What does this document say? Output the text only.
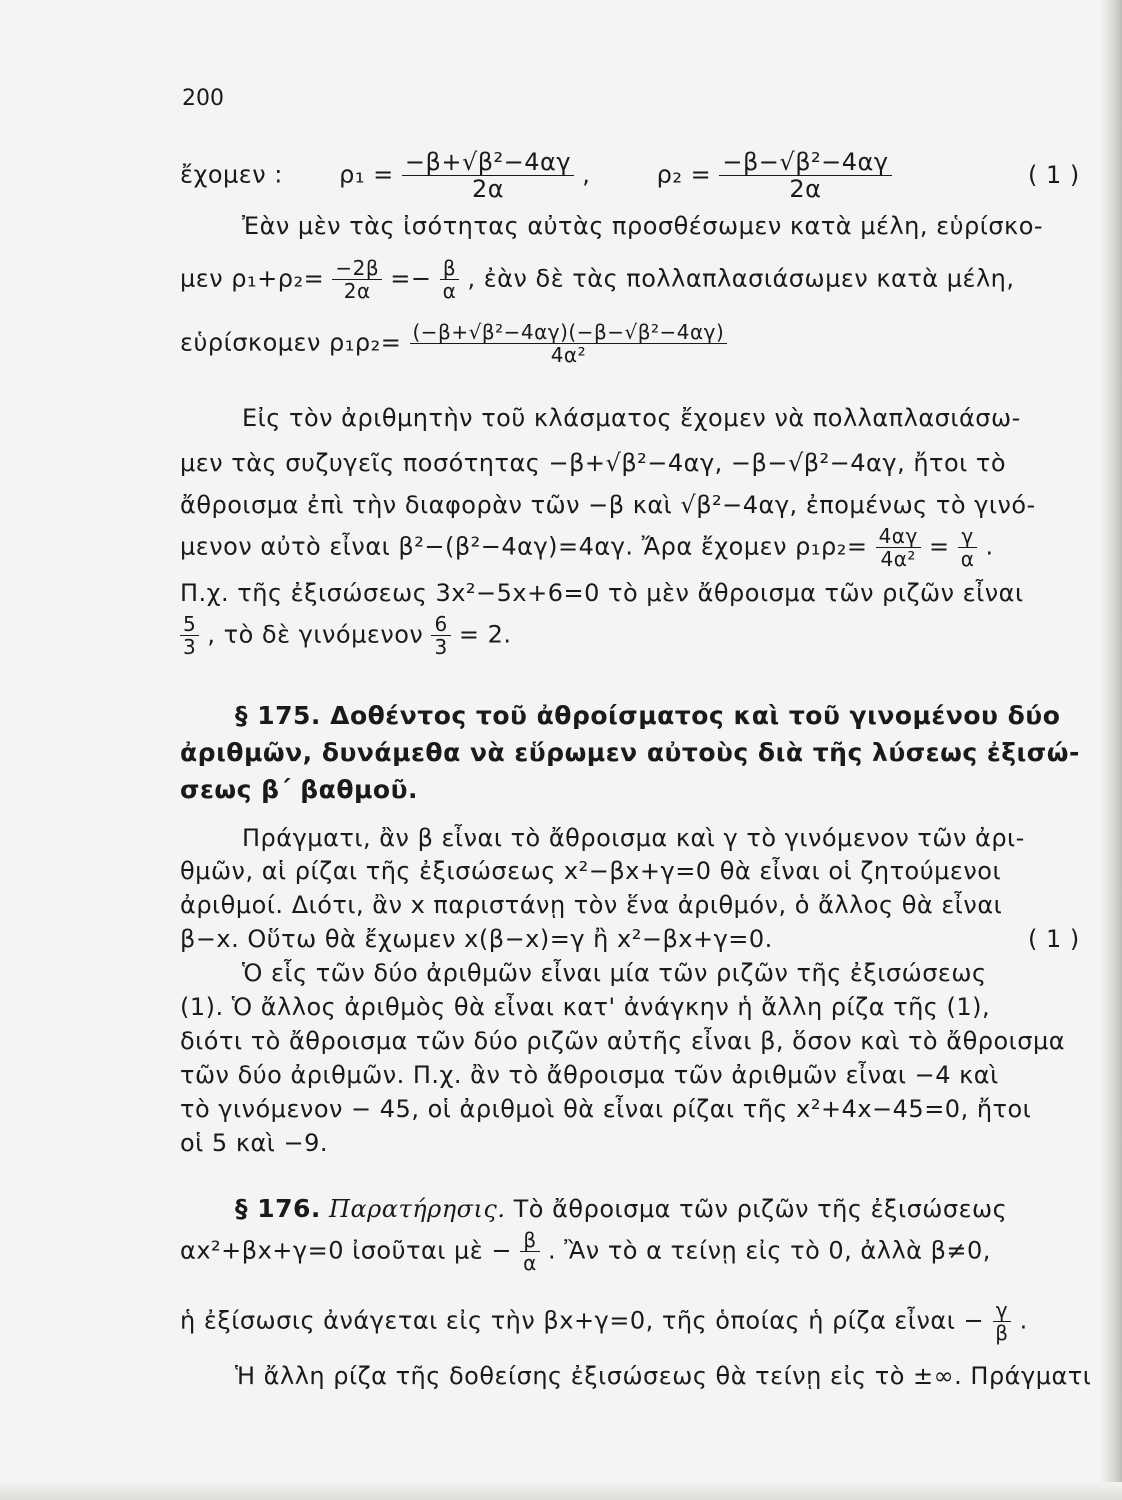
200
ἔχομεν : $\rho_1 = \frac{\text{−β+√β²−4αγ}}{2\alpha}$ ,	$\rho_2 = \frac{\text{−β−√β²−4αγ}}{2\alpha}$	( 1 )
Ἐὰν μὲν τὰς ἰσότητας αὐτὰς προσθέσωμεν κατὰ μέλη, εὑρίσκο-
μεν $\rho_1+\rho_2= \frac{-2\beta}{2\alpha} =- \frac{\beta}{\alpha}$ , ἐὰν δὲ τὰς πολλαπλασιάσωμεν κατὰ μέλη,
εὑρίσκομεν $\rho_1\rho_2= \frac{\text{(−β+√β²−4αγ)(−β−√β²−4αγ)}}{\text{4α²}}$
Εἰς τὸν ἀριθμητὴν τοῦ κλάσματος ἔχομεν νὰ πολλαπλασιάσω-
μεν τὰς συζυγεῖς ποσότητας −β+√β²−4αγ, −β−√β²−4αγ, ἤτοι τὸ
ἄθροισμα ἐπὶ τὴν διαφορὰν τῶν −β καὶ √β²−4αγ, ἐπομένως τὸ γινό-
μενον αὐτὸ εἶναι β²−(β²−4αγ)=4αγ. Ἄρα ἔχομεν $\rho_1\rho_2= \frac{4\alpha\gamma}{\text{4α²}} = \frac{\gamma}{\alpha}$ .
Π.χ. τῆς ἐξισώσεως 3x²−5x+6=0 τὸ μὲν ἄθροισμα τῶν ριζῶν εἶναι
$\frac{5}{3}$ , τὸ δὲ γινόμενον $\frac{6}{3} = 2$.
§ 175. Δοθέντος τοῦ ἀθροίσματος καὶ τοῦ γινομένου δύο
ἀριθμῶν, δυνάμεθα νὰ εὕρωμεν αὐτοὺς διὰ τῆς λύσεως ἐξισώ-
σεως β΄ βαθμοῦ.
Πράγματι, ἂν β εἶναι τὸ ἄθροισμα καὶ γ τὸ γινόμενον τῶν ἀρι-
θμῶν, αἱ ρίζαι τῆς ἐξισώσεως x²−βx+γ=0 θὰ εἶναι οἱ ζητούμενοι
ἀριθμοί. Διότι, ἂν x παριστάνῃ τὸν ἕνα ἀριθμόν, ὁ ἄλλος θὰ εἶναι
β−x. Οὕτω θὰ ἔχωμεν x(β−x)=γ ἢ x²−βx+γ=0.	( 1 )
Ὁ εἷς τῶν δύο ἀριθμῶν εἶναι μία τῶν ριζῶν τῆς ἐξισώσεως
(1). Ὁ ἄλλος ἀριθμὸς θὰ εἶναι κατ' ἀνάγκην ἡ ἄλλη ρίζα τῆς (1),
διότι τὸ ἄθροισμα τῶν δύο ριζῶν αὐτῆς εἶναι β, ὅσον καὶ τὸ ἄθροισμα
τῶν δύο ἀριθμῶν. Π.χ. ἂν τὸ ἄθροισμα τῶν ἀριθμῶν εἶναι −4 καὶ
τὸ γινόμενον − 45, οἱ ἀριθμοὶ θὰ εἶναι ρίζαι τῆς x²+4x−45=0, ἤτοι
οἱ 5 καὶ −9.
§ 176. Παρατήρησις. Τὸ ἄθροισμα τῶν ριζῶν τῆς ἐξισώσεως
αx²+βx+γ=0 ἰσοῦται μὲ − $\frac{\beta}{\alpha}$ . Ἂν τὸ α τείνῃ εἰς τὸ 0, ἀλλὰ β≠0,
ἡ ἐξίσωσις ἀνάγεται εἰς τὴν βx+γ=0, τῆς ὁποίας ἡ ρίζα εἶναι − $\frac{\gamma}{\beta}$ .
Ἡ ἄλλη ρίζα τῆς δοθείσης ἐξισώσεως θὰ τείνῃ εἰς τὸ ±∞. Πράγματι
